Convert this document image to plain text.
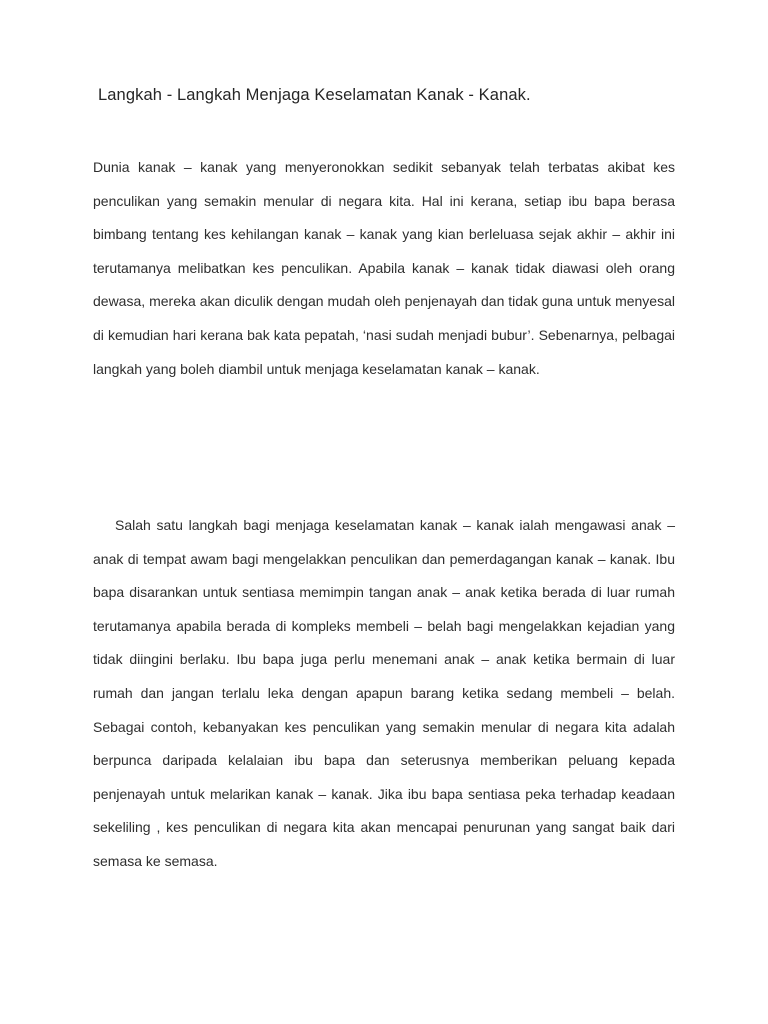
Langkah - Langkah Menjaga Keselamatan Kanak - Kanak.

Dunia kanak – kanak yang menyeronokkan sedikit sebanyak telah terbatas akibat kes penculikan yang semakin menular di negara kita. Hal ini kerana, setiap ibu bapa berasa bimbang tentang kes kehilangan kanak – kanak yang kian berleluasa sejak akhir – akhir ini terutamanya melibatkan kes penculikan. Apabila kanak – kanak tidak diawasi oleh orang dewasa, mereka akan diculik dengan mudah oleh penjenayah dan tidak guna untuk menyesal di kemudian hari kerana bak kata pepatah, ‘nasi sudah menjadi bubur’. Sebenarnya, pelbagai langkah yang boleh diambil untuk menjaga keselamatan kanak – kanak.

Salah satu langkah bagi menjaga keselamatan kanak – kanak ialah mengawasi anak – anak di tempat awam bagi mengelakkan penculikan dan pemerdagangan kanak – kanak. Ibu bapa disarankan untuk sentiasa memimpin tangan anak – anak ketika berada di luar rumah terutamanya apabila berada di kompleks membeli – belah bagi mengelakkan kejadian yang tidak diingini berlaku. Ibu bapa juga perlu menemani anak – anak ketika bermain di luar rumah dan jangan terlalu leka dengan apapun barang ketika sedang membeli – belah. Sebagai contoh, kebanyakan kes penculikan yang semakin menular di negara kita adalah berpunca daripada kelalaian ibu bapa dan seterusnya memberikan peluang kepada penjenayah untuk melarikan kanak – kanak. Jika ibu bapa sentiasa peka terhadap keadaan sekeliling , kes penculikan di negara kita akan mencapai penurunan yang sangat baik dari semasa ke semasa.
